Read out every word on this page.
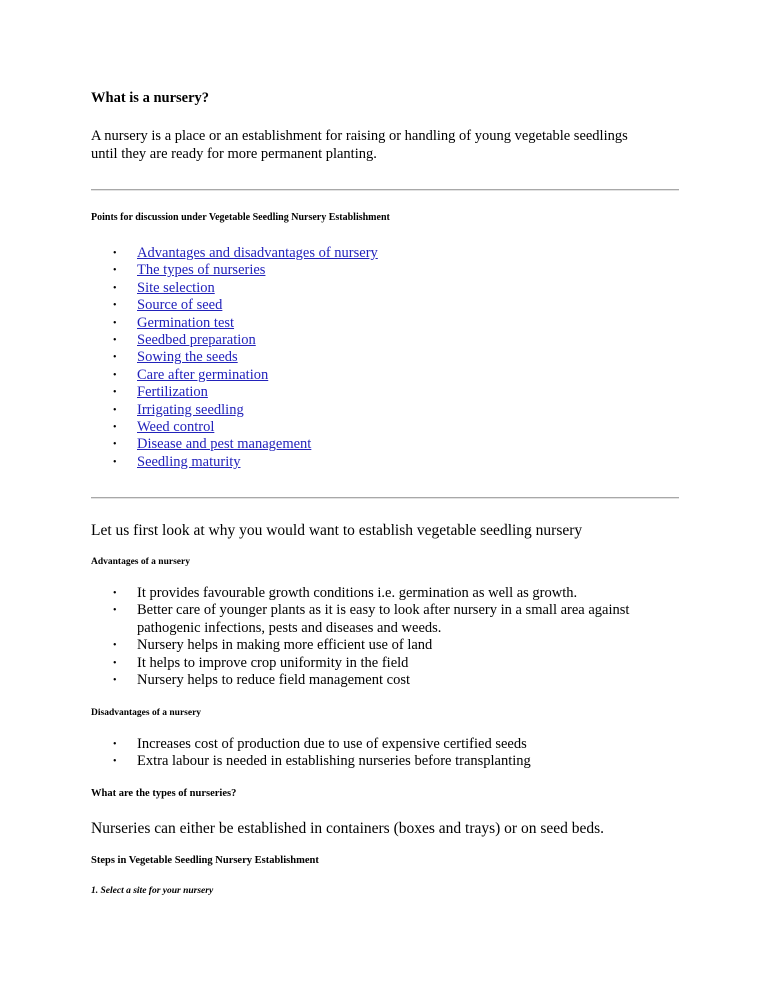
What is a nursery?
A nursery is a place or an establishment for raising or handling of young vegetable seedlings
until they are ready for more permanent planting.
Points for discussion under Vegetable Seedling Nursery Establishment
• Advantages and disadvantages of nursery
• The types of nurseries
• Site selection
• Source of seed
• Germination test
• Seedbed preparation
• Sowing the seeds
• Care after germination
• Fertilization
• Irrigating seedling
• Weed control
• Disease and pest management
• Seedling maturity
Let us first look at why you would want to establish vegetable seedling nursery
Advantages of a nursery
• It provides favourable growth conditions i.e. germination as well as growth.
• Better care of younger plants as it is easy to look after nursery in a small area against pathogenic infections, pests and diseases and weeds.
• Nursery helps in making more efficient use of land
• It helps to improve crop uniformity in the field
• Nursery helps to reduce field management cost
Disadvantages of a nursery
• Increases cost of production due to use of expensive certified seeds
• Extra labour is needed in establishing nurseries before transplanting
What are the types of nurseries?
Nurseries can either be established in containers (boxes and trays) or on seed beds.
Steps in Vegetable Seedling Nursery Establishment
1. Select a site for your nursery
